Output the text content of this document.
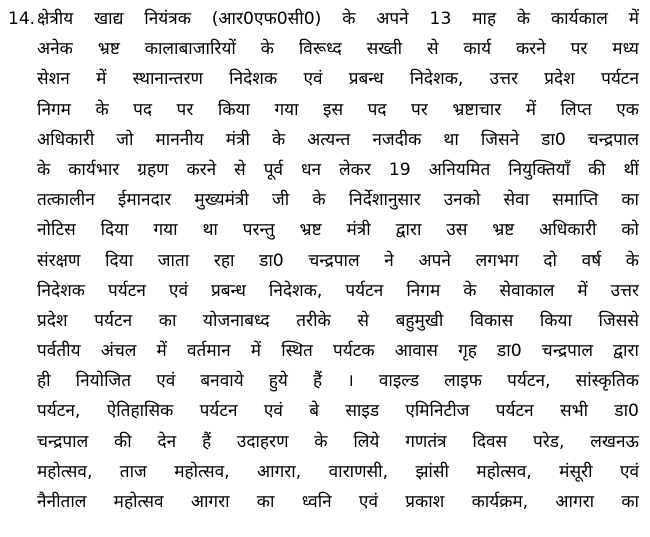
14. क्षेत्रीय खाद्य नियंत्रक (आर0एफ0सी0) के अपने 13 माह के कार्यकाल में
अनेक भ्रष्ट कालाबाजारियों के विरूध्द सख्ती से कार्य करने पर मध्य
सेशन में स्थानान्तरण निदेशक एवं प्रबन्ध निदेशक, उत्तर प्रदेश पर्यटन
निगम के पद पर किया गया इस पद पर भ्रष्टाचार में लिप्त एक
अधिकारी जो माननीय मंत्री के अत्यन्त नजदीक था जिसने डा0 चन्द्रपाल
के कार्यभार ग्रहण करने से पूर्व धन लेकर 19 अनियमित नियुक्तियॉं की थीं
तत्कालीन ईमानदार मुख्यमंत्री जी के निर्देशानुसार उनको सेवा समाप्ति का
नोटिस दिया गया था परन्तु भ्रष्ट मंत्री द्वारा उस भ्रष्ट अधिकारी को
संरक्षण दिया जाता रहा डा0 चन्द्रपाल ने अपने लगभग दो वर्ष के
निदेशक पर्यटन एवं प्रबन्ध निदेशक, पर्यटन निगम के सेवाकाल में उत्तर
प्रदेश पर्यटन का योजनाबध्द तरीके से बहुमुखी विकास किया जिससे
पर्वतीय अंचल में वर्तमान में स्थित पर्यटक आवास गृह डा0 चन्द्रपाल द्वारा
ही नियोजित एवं बनवाये हुये हैं । वाइल्ड लाइफ पर्यटन, सांस्कृतिक
पर्यटन, ऐतिहासिक पर्यटन एवं बे साइड एमिनिटीज पर्यटन सभी डा0
चन्द्रपाल की देन हैं उदाहरण के लिये गणतंत्र दिवस परेड, लखनऊ
महोत्सव, ताज महोत्सव, आगरा, वाराणसी, झांसी महोत्सव, मंसूरी एवं
नैनीताल महोत्सव आगरा का ध्वनि एवं प्रकाश कार्यक्रम, आगरा का
